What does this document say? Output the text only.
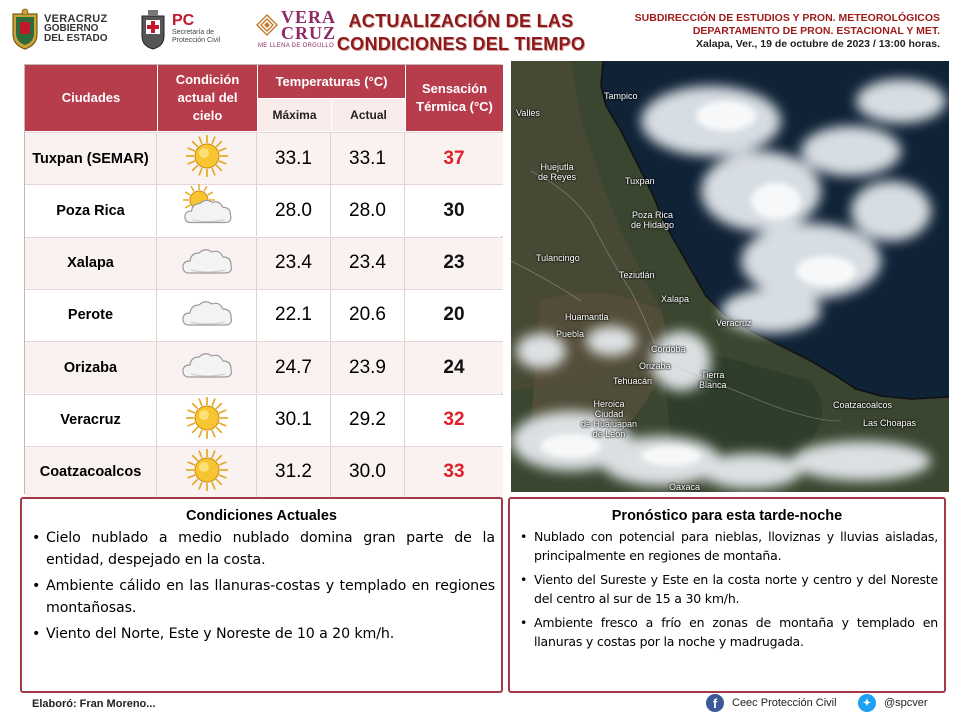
VERACRUZ
GOBIERNO
DEL ESTADO
PC
Secretaría de
Protección Civil
VERA
CRUZ
ME LLENA DE ORGULLO
ACTUALIZACIÓN DE LAS
CONDICIONES DEL TIEMPO
SUBDIRECCIÓN DE ESTUDIOS Y PRON. METEOROLÓGICOS
DEPARTAMENTO DE PRON. ESTACIONAL Y MET.
Xalapa, Ver., 19 de octubre de 2023 / 13:00 horas.
Ciudades
Condición actual del cielo
Temperaturas (°C)
Máxima	Actual
Sensación Térmica (°C)
Tuxpan (SEMAR)	33.1	33.1	37
Poza Rica	28.0	28.0	30
Xalapa	23.4	23.4	23
Perote	22.1	20.6	20
Orizaba	24.7	23.9	24
Veracruz	30.1	29.2	32
Coatzacoalcos	31.2	30.0	33
Tampico
Valles
Huejutla
de Reyes	Tuxpan
Poza Rica
de Hidalgo
Tulancingo
Teziutlán
Xalapa
Huamantla
Veracruz
Puebla
Córdoba
Orizaba
Tehuacán
Tierra
Blanca
Heroica
Ciudad
de Huajuapan
de León
Coatzacoalcos
Las Choapas
Oaxaca
Condiciones Actuales
• Cielo nublado a medio nublado domina gran parte de la entidad, despejado en la costa.
• Ambiente cálido en las llanuras-costas y templado en regiones montañosas.
• Viento del Norte, Este y Noreste de 10 a 20 km/h.
Pronóstico para esta tarde-noche
• Nublado con potencial para nieblas, lloviznas y lluvias aisladas, principalmente en regiones de montaña.
• Viento del Sureste y Este en la costa norte y centro y del Noreste del centro al sur de 15 a 30 km/h.
• Ambiente fresco a frío en zonas de montaña y templado en llanuras y costas por la noche y madrugada.
Elaboró: Fran Moreno...	f	Ceec Protección Civil	✦	@spcver
